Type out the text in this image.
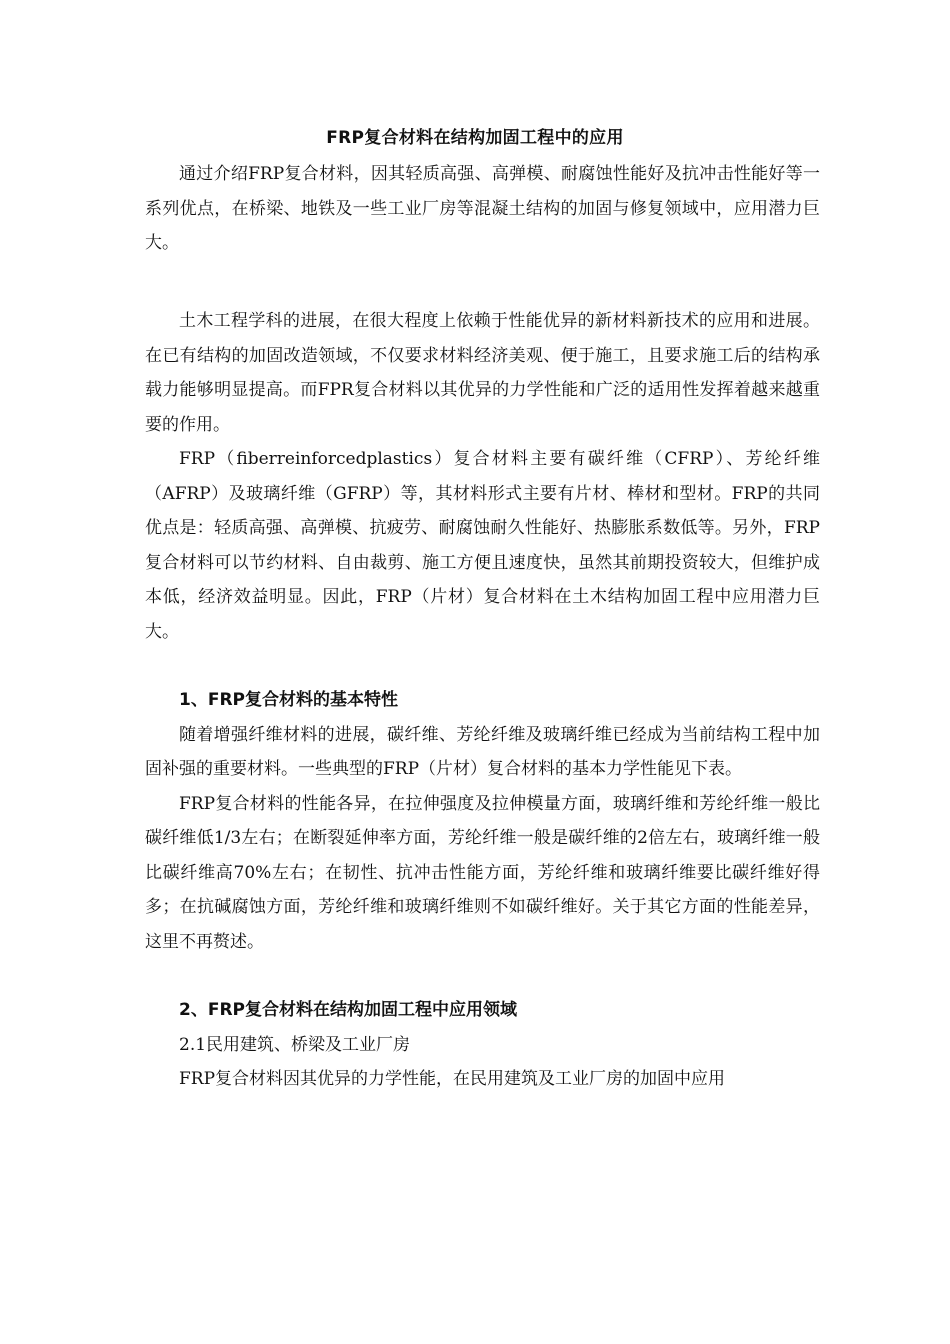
FRP复合材料在结构加固工程中的应用

通过介绍FRP复合材料，因其轻质高强、高弹模、耐腐蚀性能好及抗冲击性能好等一系列优点，在桥梁、地铁及一些工业厂房等混凝土结构的加固与修复领域中，应用潜力巨大。

土木工程学科的进展，在很大程度上依赖于性能优异的新材料新技术的应用和进展。在已有结构的加固改造领域，不仅要求材料经济美观、便于施工，且要求施工后的结构承载力能够明显提高。而FPR复合材料以其优异的力学性能和广泛的适用性发挥着越来越重要的作用。

FRP（fiberreinforcedplastics）复合材料主要有碳纤维（CFRP）、芳纶纤维（AFRP）及玻璃纤维（GFRP）等，其材料形式主要有片材、棒材和型材。FRP的共同优点是：轻质高强、高弹模、抗疲劳、耐腐蚀耐久性能好、热膨胀系数低等。另外，FRP复合材料可以节约材料、自由裁剪、施工方便且速度快，虽然其前期投资较大，但维护成本低，经济效益明显。因此，FRP（片材）复合材料在土木结构加固工程中应用潜力巨大。

1、FRP复合材料的基本特性

随着增强纤维材料的进展，碳纤维、芳纶纤维及玻璃纤维已经成为当前结构工程中加固补强的重要材料。一些典型的FRP（片材）复合材料的基本力学性能见下表。

FRP复合材料的性能各异，在拉伸强度及拉伸模量方面，玻璃纤维和芳纶纤维一般比碳纤维低1/3左右；在断裂延伸率方面，芳纶纤维一般是碳纤维的2倍左右，玻璃纤维一般比碳纤维高70%左右；在韧性、抗冲击性能方面，芳纶纤维和玻璃纤维要比碳纤维好得多；在抗碱腐蚀方面，芳纶纤维和玻璃纤维则不如碳纤维好。关于其它方面的性能差异，这里不再赘述。

2、FRP复合材料在结构加固工程中应用领域

2.1民用建筑、桥梁及工业厂房

FRP复合材料因其优异的力学性能，在民用建筑及工业厂房的加固中应用
